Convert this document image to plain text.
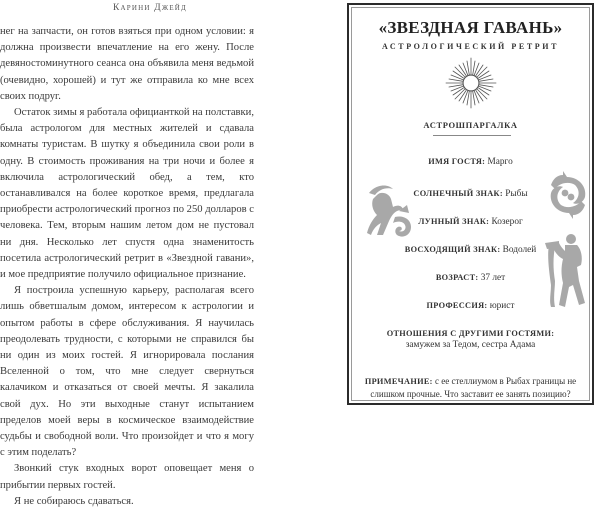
Карини Джейд

нег на запчасти, он готов взяться при одном условии: я должна произвести впечатление на его жену. После девяностоминутного сеанса она объявила меня ведьмой (очевидно, хорошей) и тут же отправила ко мне всех своих подруг.

Остаток зимы я работала официанткой на полставки, была астрологом для местных жителей и сдавала комнаты туристам. В шутку я объединила свои роли в одну. В стоимость проживания на три ночи и более я включила астрологический обед, а тем, кто останавливался на более короткое время, предлагала приобрести астрологический прогноз по 250 долларов с человека. Тем, вторым нашим летом дом не пустовал ни дня. Несколько лет спустя одна знаменитость посетила астрологический ретрит в «Звездной гавани», и мое предприятие получило официальное признание.

Я построила успешную карьеру, располагая всего лишь обветшалым домом, интересом к астрологии и опытом работы в сфере обслуживания. Я научилась преодолевать трудности, с которыми не справился бы ни один из моих гостей. Я игнорировала послания Вселенной о том, что мне следует свернуться калачиком и отказаться от своей мечты. Я закалила свой дух. Но эти выходные станут испытанием пределов моей веры в космическое взаимодействие судьбы и свободной воли. Что произойдет и что я могу с этим поделать?

Звонкий стук входных ворот оповещает меня о прибытии первых гостей.

Я не собираюсь сдаваться.

«ЗВЕЗДНАЯ ГАВАНЬ»
АСТРОЛОГИЧЕСКИЙ РЕТРИТ
АСТРОШПАРГАЛКА
ИМЯ ГОСТЯ: Марго
СОЛНЕЧНЫЙ ЗНАК: Рыбы
ЛУННЫЙ ЗНАК: Козерог
ВОСХОДЯЩИЙ ЗНАК: Водолей
ВОЗРАСТ: 37 лет
ПРОФЕССИЯ: юрист
ОТНОШЕНИЯ С ДРУГИМИ ГОСТЯМИ:
замужем за Тедом, сестра Адама
ПРИМЕЧАНИЕ: с ее стеллиумом в Рыбах границы не слишком прочные. Что заставит ее занять позицию?
